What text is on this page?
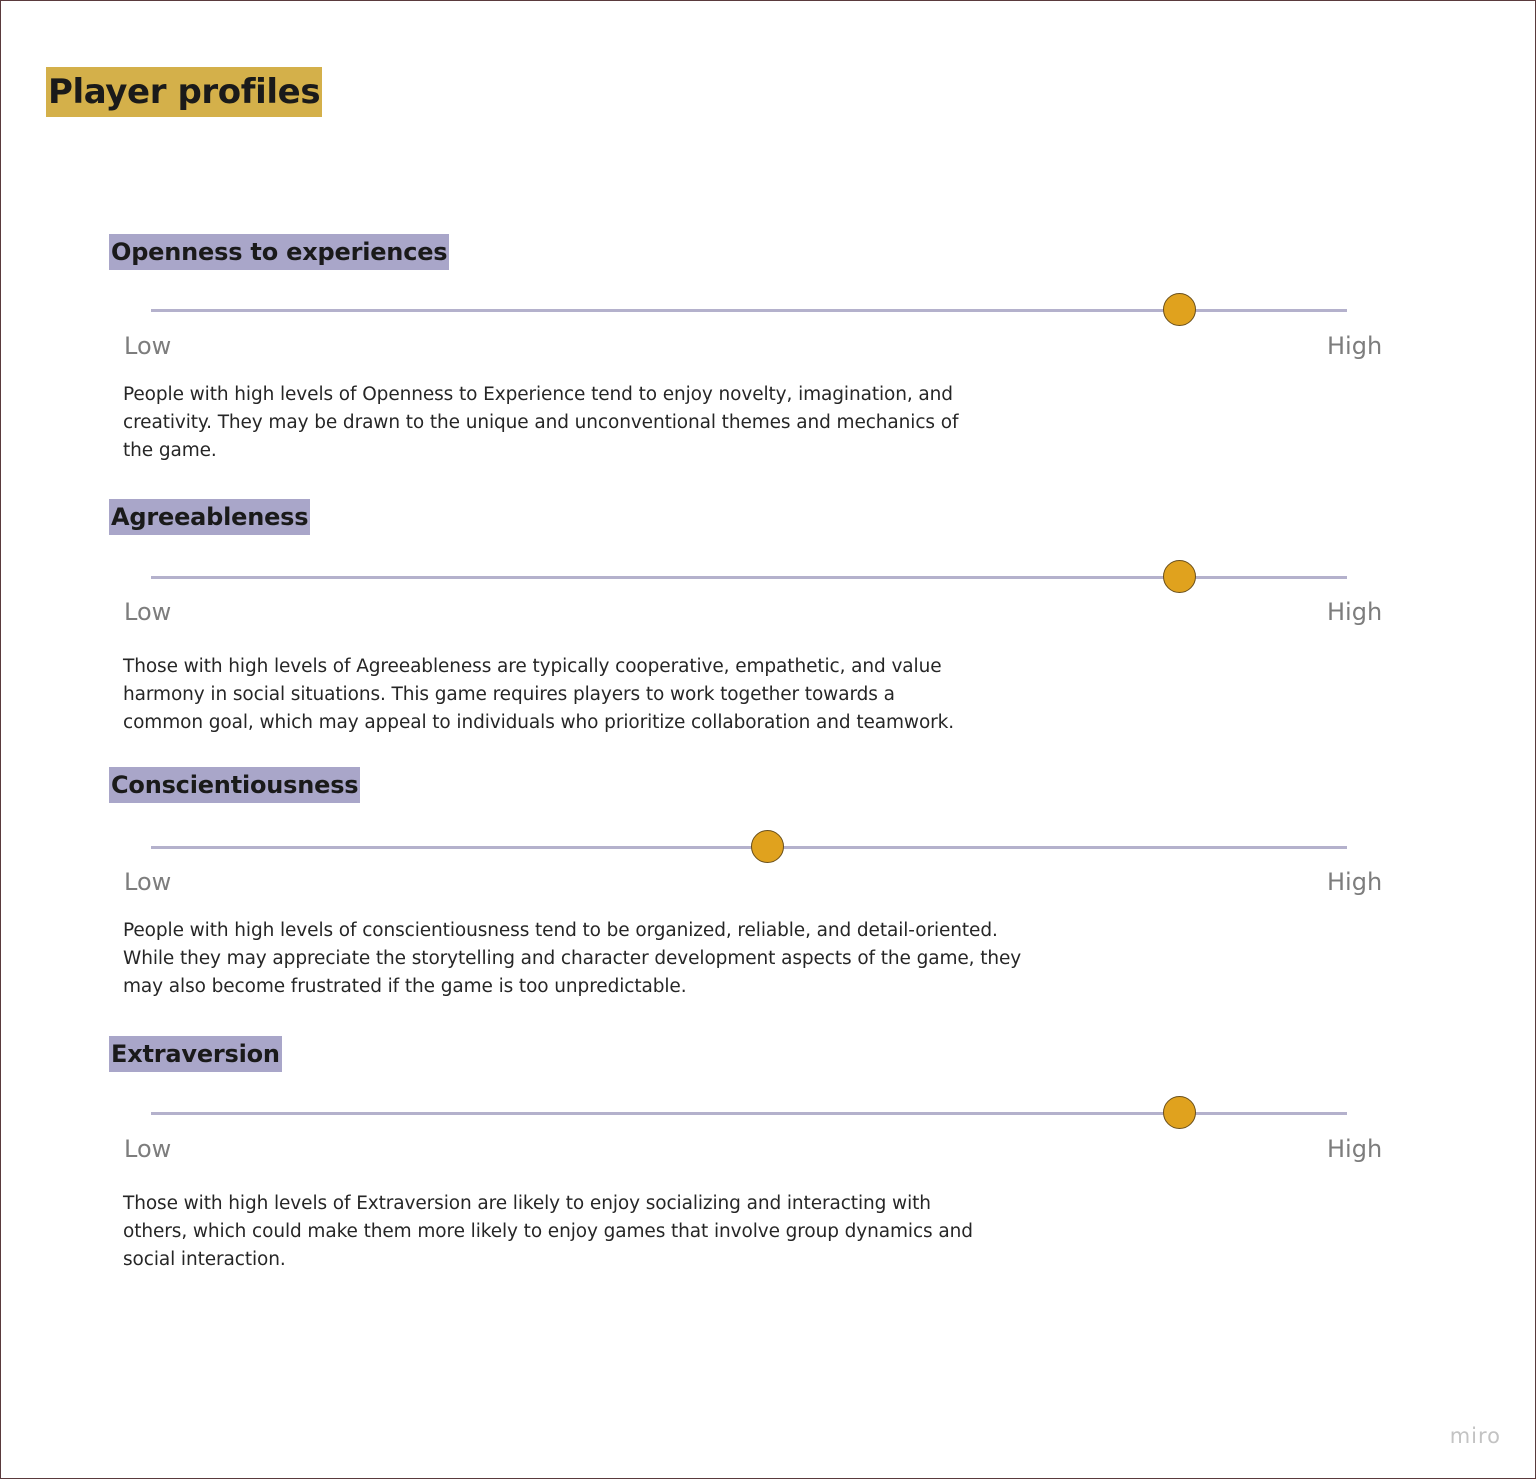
Player profiles
Openness to experiences
Low	High

People with high levels of Openness to Experience tend to enjoy novelty, imagination, and
creativity. They may be drawn to the unique and unconventional themes and mechanics of
the game.

Agreeableness
Low	High

Those with high levels of Agreeableness are typically cooperative, empathetic, and value
harmony in social situations. This game requires players to work together towards a
common goal, which may appeal to individuals who prioritize collaboration and teamwork.

Conscientiousness
Low	High

People with high levels of conscientiousness tend to be organized, reliable, and detail-oriented.
While they may appreciate the storytelling and character development aspects of the game, they
may also become frustrated if the game is too unpredictable.

Extraversion
Low	High

Those with high levels of Extraversion are likely to enjoy socializing and interacting with
others, which could make them more likely to enjoy games that involve group dynamics and
social interaction.

miro
